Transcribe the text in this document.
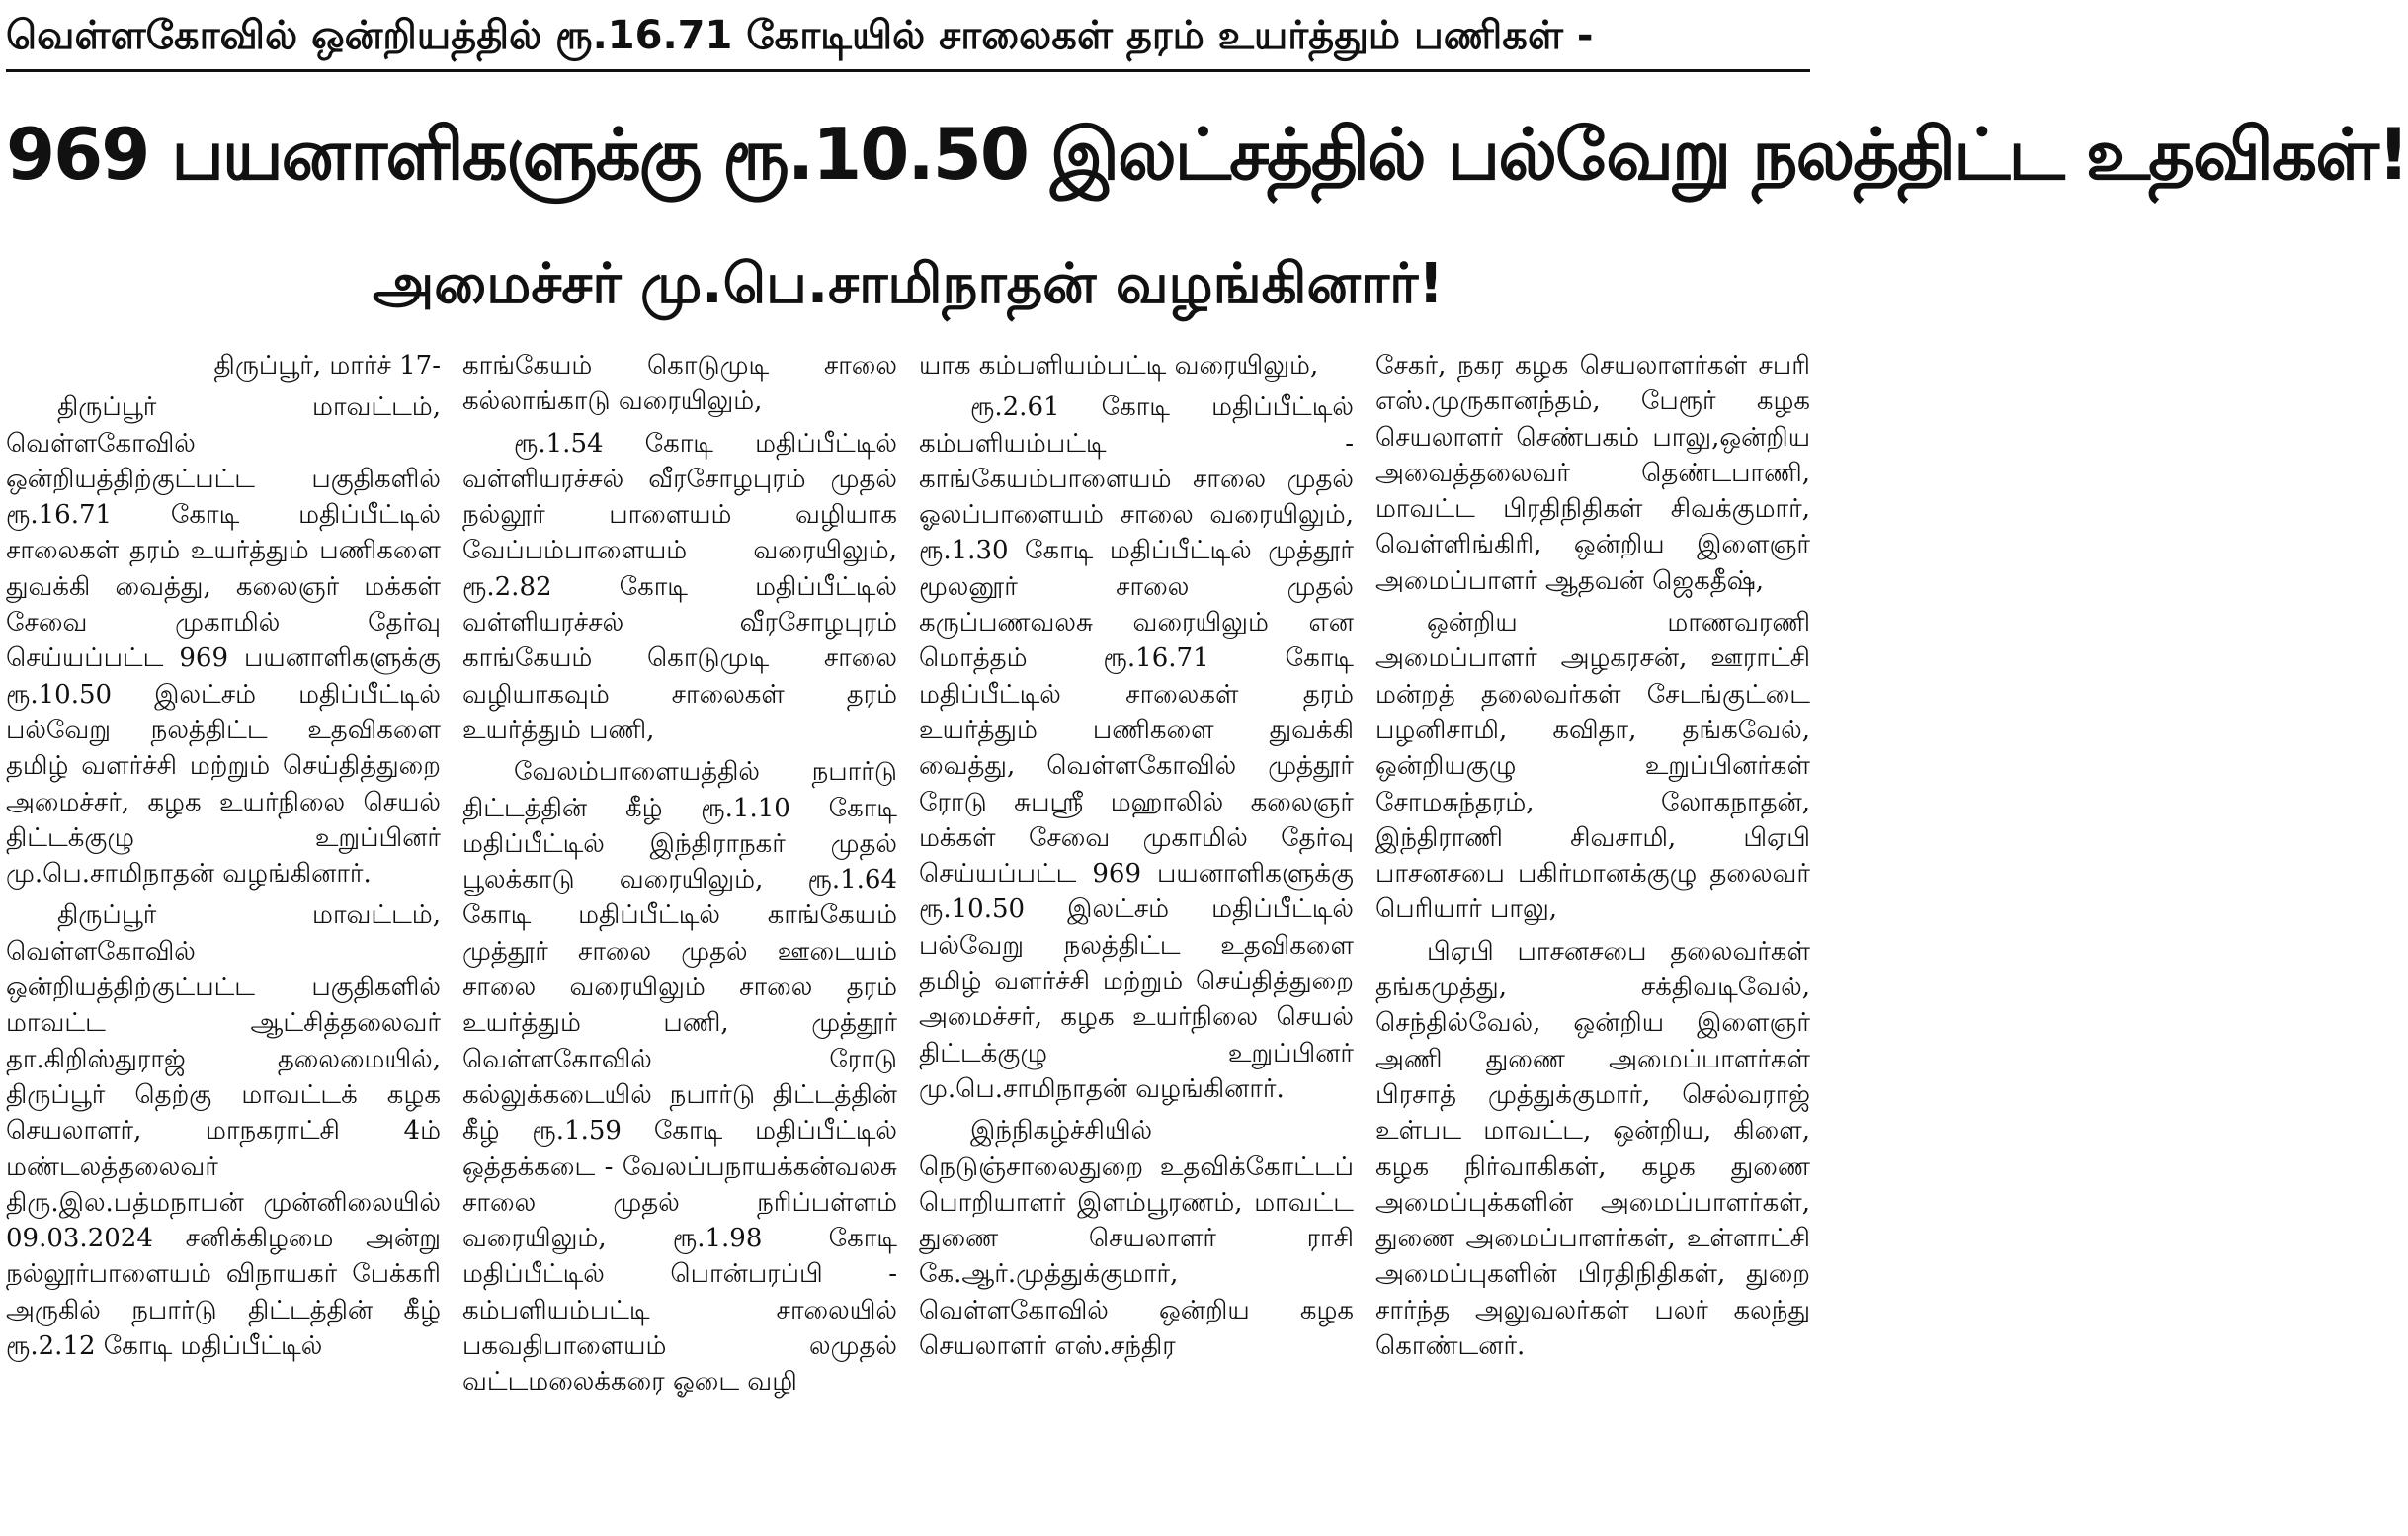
வெள்ளகோவில் ஒன்றியத்தில் ரூ.16.71 கோடியில் சாலைகள் தரம் உயர்த்தும் பணிகள் -
969 பயனாளிகளுக்கு ரூ.10.50 இலட்சத்தில் பல்வேறு நலத்திட்ட உதவிகள்!
அமைச்சர் மு.பெ.சாமிநாதன் வழங்கினார்!

திருப்பூர், மார்ச் 17-

திருப்பூர் மாவட்டம், வெள்ளகோவில் ஒன்றியத்திற்குட்பட்ட பகுதிகளில் ரூ.16.71 கோடி மதிப்பீட்டில் சாலைகள் தரம் உயர்த்தும் பணிகளை துவக்கி வைத்து, கலைஞர் மக்கள் சேவை முகாமில் தேர்வு செய்யப்பட்ட 969 பயனாளிகளுக்கு ரூ.10.50 இலட்சம் மதிப்பீட்டில் பல்வேறு நலத்திட்ட உதவிகளை தமிழ் வளர்ச்சி மற்றும் செய்தித்துறை அமைச்சர், கழக உயர்நிலை செயல் திட்டக்குழு உறுப்பினர் மு.பெ.சாமிநாதன் வழங்கினார்.

திருப்பூர் மாவட்டம், வெள்ளகோவில் ஒன்றியத்திற்குட்பட்ட பகுதிகளில் மாவட்ட ஆட்சித்தலைவர் தா.கிறிஸ்துராஜ் தலைமையில், திருப்பூர் தெற்கு மாவட்டக் கழக செயலாளர், மாநகராட்சி 4ம் மண்டலத்தலைவர் திரு.இல.பத்மநாபன் முன்னிலையில் 09.03.2024 சனிக்கிழமை அன்று நல்லூர்பாளையம் விநாயகர் பேக்கரி அருகில் நபார்டு திட்டத்தின் கீழ் ரூ.2.12 கோடி மதிப்பீட்டில்

காங்கேயம் கொடுமுடி சாலை கல்லாங்காடு வரையிலும்,

ரூ.1.54 கோடி மதிப்பீட்டில் வள்ளியரச்சல் வீரசோழபுரம் முதல் நல்லூர் பாளையம் வழியாக வேப்பம்பாளையம் வரையிலும், ரூ.2.82 கோடி மதிப்பீட்டில் வள்ளியரச்சல் வீரசோழபுரம் காங்கேயம் கொடுமுடி சாலை வழியாகவும் சாலைகள் தரம் உயர்த்தும் பணி,

வேலம்பாளையத்தில் நபார்டு திட்டத்தின் கீழ் ரூ.1.10 கோடி மதிப்பீட்டில் இந்திராநகர் முதல் பூலக்காடு வரையிலும், ரூ.1.64 கோடி மதிப்பீட்டில் காங்கேயம் முத்தூர் சாலை முதல் ஊடையம் சாலை வரையிலும் சாலை தரம் உயர்த்தும் பணி, முத்தூர் வெள்ளகோவில் ரோடு கல்லுக்கடையில் நபார்டு திட்டத்தின் கீழ் ரூ.1.59 கோடி மதிப்பீட்டில் ஒத்தக்கடை - வேலப்பநாயக்கன்வலசு சாலை முதல் நரிப்பள்ளம் வரையிலும், ரூ.1.98 கோடி மதிப்பீட்டில் பொன்பரப்பி - கம்பளியம்பட்டி சாலையில் பகவதிபாளையம் லமுதல் வட்டமலைக்கரை ஓடை வழி

யாக கம்பளியம்பட்டி வரையிலும்,

ரூ.2.61 கோடி மதிப்பீட்டில் கம்பளியம்பட்டி - காங்கேயம்பாளையம் சாலை முதல் ஓலப்பாளையம் சாலை வரையிலும், ரூ.1.30 கோடி மதிப்பீட்டில் முத்தூர் மூலனூர் சாலை முதல் கருப்பணவலசு வரையிலும் என மொத்தம் ரூ.16.71 கோடி மதிப்பீட்டில் சாலைகள் தரம் உயர்த்தும் பணிகளை துவக்கி வைத்து, வெள்ளகோவில் முத்தூர் ரோடு சுபஸ்ரீ மஹாலில் கலைஞர் மக்கள் சேவை முகாமில் தேர்வு செய்யப்பட்ட 969 பயனாளிகளுக்கு ரூ.10.50 இலட்சம் மதிப்பீட்டில் பல்வேறு நலத்திட்ட உதவிகளை தமிழ் வளர்ச்சி மற்றும் செய்தித்துறை அமைச்சர், கழக உயர்நிலை செயல் திட்டக்குழு உறுப்பினர் மு.பெ.சாமிநாதன் வழங்கினார்.

இந்நிகழ்ச்சியில் நெடுஞ்சாலைதுறை உதவிக்கோட்டப் பொறியாளர் இளம்பூரணம், மாவட்ட துணை செயலாளர் ராசி கே.ஆர்.முத்துக்குமார், வெள்ளகோவில் ஒன்றிய கழக செயலாளர் எஸ்.சந்திர

சேகர், நகர கழக செயலாளர்கள் சபரி எஸ்.முருகானந்தம், பேரூர் கழக செயலாளர் செண்பகம் பாலு,ஒன்றிய அவைத்தலைவர் தெண்டபாணி, மாவட்ட பிரதிநிதிகள் சிவக்குமார், வெள்ளிங்கிரி, ஒன்றிய இளைஞர் அமைப்பாளர் ஆதவன் ஜெகதீஷ்,

ஒன்றிய மாணவரணி அமைப்பாளர் அழகரசன், ஊராட்சி மன்றத் தலைவர்கள் சேடங்குட்டை பழனிசாமி, கவிதா, தங்கவேல், ஒன்றியகுழு உறுப்பினர்கள் சோமசுந்தரம், லோகநாதன், இந்திராணி சிவசாமி, பிஏபி பாசனசபை பகிர்மானக்குழு தலைவர் பெரியார் பாலு,

பிஏபி பாசனசபை தலைவர்கள் தங்கமுத்து, சக்திவடிவேல், செந்தில்வேல், ஒன்றிய இளைஞர் அணி துணை அமைப்பாளர்கள் பிரசாத் முத்துக்குமார், செல்வராஜ் உள்பட மாவட்ட, ஒன்றிய, கிளை, கழக நிர்வாகிகள், கழக துணை அமைப்புக்களின் அமைப்பாளர்கள், துணை அமைப்பாளர்கள், உள்ளாட்சி அமைப்புகளின் பிரதிநிதிகள், துறை சார்ந்த அலுவலர்கள் பலர் கலந்து கொண்டனர்.
